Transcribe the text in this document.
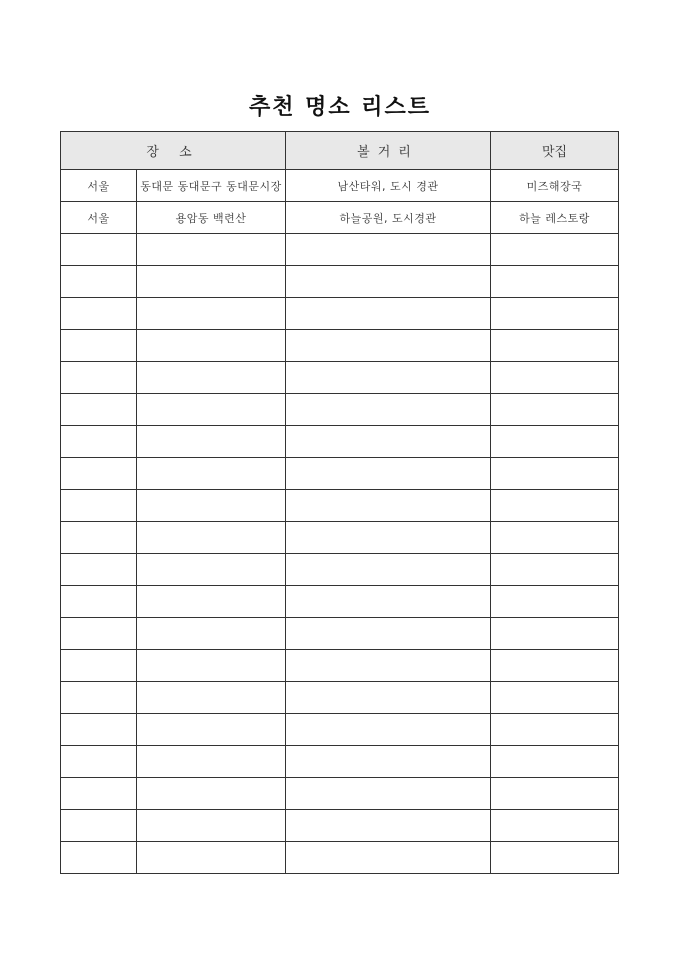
추천 명소 리스트
장 소		볼거리	맛집
서울	동대문 동대문구 동대문시장	남산타워, 도시 경관	미즈해장국
서울	용암동 백련산	하늘공원, 도시경관	하늘 레스토랑
